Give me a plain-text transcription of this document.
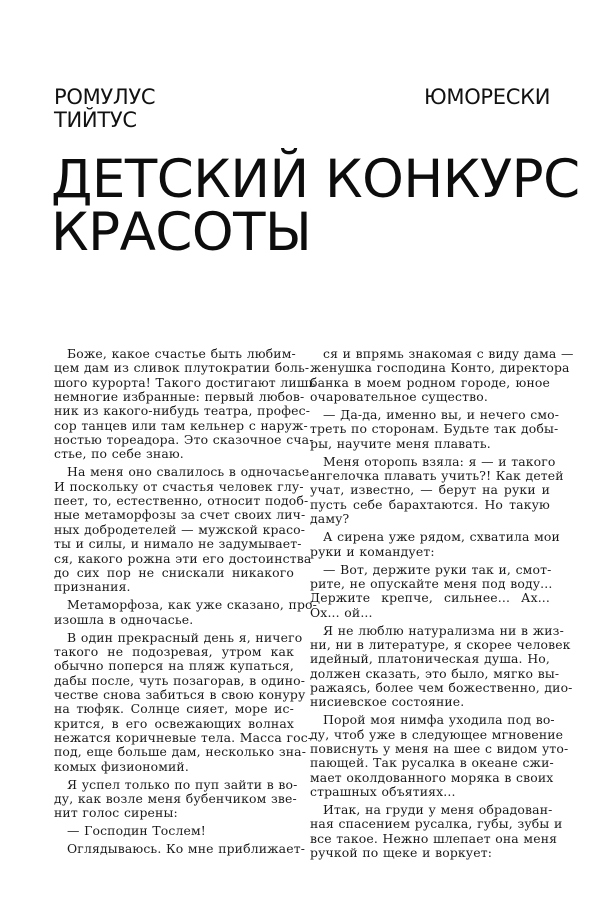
РОМУЛУС
ТИЙТУС
ЮМОРЕСКИ
ДЕТСКИЙ КОНКУРС
КРАСОТЫ
Боже, какое счастье быть любим-
цем дам из сливок плутократии боль-
шого курорта! Такого достигают лишь
немногие избранные: первый любов-
ник из какого-нибудь театра, профес-
сор танцев или там кельнер с наруж-
ностью тореадора. Это сказочное сча-
стье, по себе знаю.
На меня оно свалилось в одночасье.
И поскольку от счастья человек глу-
пеет, то, естественно, относит подоб-
ные метаморфозы за счет своих лич-
ных добродетелей — мужской красо-
ты и силы, и нимало не задумывает-
ся, какого рожна эти его достоинства
до сих пор не снискали никакого
признания.
Метаморфоза, как уже сказано, про-
изошла в одночасье.
В один прекрасный день я, ничего
такого не подозревая, утром как
обычно поперся на пляж купаться,
дабы после, чуть позагорав, в одино-
честве снова забиться в свою конуру
на тюфяк. Солнце сияет, море ис-
крится, в его освежающих волнах
нежатся коричневые тела. Масса гос-
под, еще больше дам, несколько зна-
комых физиономий.
Я успел только по пуп зайти в во-
ду, как возле меня бубенчиком зве-
нит голос сирены:
— Господин Тослем!
Оглядываюсь. Ко мне приближает-
ся и впрямь знакомая с виду дама —
женушка господина Конто, директора
банка в моем родном городе, юное
очаровательное существо.
— Да-да, именно вы, и нечего смо-
треть по сторонам. Будьте так добы-
ры, научите меня плавать.
Меня оторопь взяла: я — и такого
ангелочка плавать учить?! Как детей
учат, известно, — берут на руки и
пусть себе барахтаются. Но такую
даму?
А сирена уже рядом, схватила мои
руки и командует:
— Вот, держите руки так и, смот-
рите, не опускайте меня под воду...
Держите крепче, сильнее... Ах...
Ох... ой...
Я не люблю натурализма ни в жиз-
ни, ни в литературе, я скорее человек
идейный, платоническая душа. Но,
должен сказать, это было, мягко вы-
ражаясь, более чем божественно, дио-
нисиевское состояние.
Порой моя нимфа уходила под во-
ду, чтоб уже в следующее мгновение
повиснуть у меня на шее с видом уто-
пающей. Так русалка в океане сжи-
мает околдованного моряка в своих
страшных объятиях...
Итак, на груди у меня обрадован-
ная спасением русалка, губы, зубы и
все такое. Нежно шлепает она меня
ручкой по щеке и воркует:
